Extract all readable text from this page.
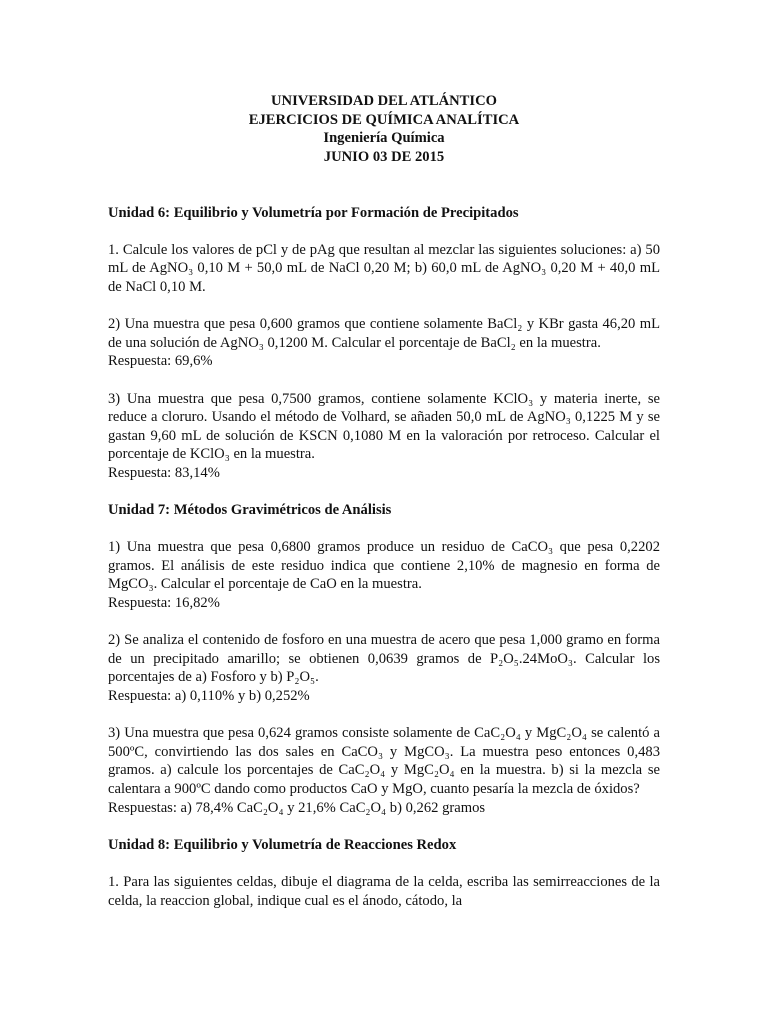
UNIVERSIDAD DEL ATLÁNTICO
EJERCICIOS DE QUÍMICA ANALÍTICA
Ingeniería Química
JUNIO 03 DE 2015

Unidad 6: Equilibrio y Volumetría por Formación de Precipitados

1. Calcule los valores de pCl y de pAg que resultan al mezclar las siguientes soluciones: a) 50 mL de AgNO₃ 0,10 M + 50,0 mL de NaCl 0,20 M; b) 60,0 mL de AgNO₃ 0,20 M + 40,0 mL de NaCl 0,10 M.

2) Una muestra que pesa 0,600 gramos que contiene solamente BaCl₂ y KBr gasta 46,20 mL de una solución de AgNO₃ 0,1200 M. Calcular el porcentaje de BaCl₂ en la muestra.

Respuesta: 69,6%

3) Una muestra que pesa 0,7500 gramos, contiene solamente KClO₃ y materia inerte, se reduce a cloruro. Usando el método de Volhard, se añaden 50,0 mL de AgNO₃ 0,1225 M y se gastan 9,60 mL de solución de KSCN 0,1080 M en la valoración por retroceso. Calcular el porcentaje de KClO₃ en la muestra.

Respuesta: 83,14%

Unidad 7: Métodos Gravimétricos de Análisis

1) Una muestra que pesa 0,6800 gramos produce un residuo de CaCO₃ que pesa 0,2202 gramos. El análisis de este residuo indica que contiene 2,10% de magnesio en forma de MgCO₃. Calcular el porcentaje de CaO en la muestra.

Respuesta: 16,82%

2) Se analiza el contenido de fosforo en una muestra de acero que pesa 1,000 gramo en forma de un precipitado amarillo; se obtienen 0,0639 gramos de P₂O₅.24MoO₃. Calcular los porcentajes de a) Fosforo y b) P₂O₅.

Respuesta: a) 0,110% y b) 0,252%

3) Una muestra que pesa 0,624 gramos consiste solamente de CaC₂O₄ y MgC₂O₄ se calentó a 500ºC, convirtiendo las dos sales en CaCO₃ y MgCO₃. La muestra peso entonces 0,483 gramos. a) calcule los porcentajes de CaC₂O₄ y MgC₂O₄ en la muestra. b) si la mezcla se calentara a 900ºC dando como productos CaO y MgO, cuanto pesaría la mezcla de óxidos?

Respuestas: a) 78,4% CaC₂O₄ y 21,6% CaC₂O₄ b) 0,262 gramos

Unidad 8: Equilibrio y Volumetría de Reacciones Redox

1. Para las siguientes celdas, dibuje el diagrama de la celda, escriba las semirreacciones de la celda, la reaccion global, indique cual es el ánodo, cátodo, la
